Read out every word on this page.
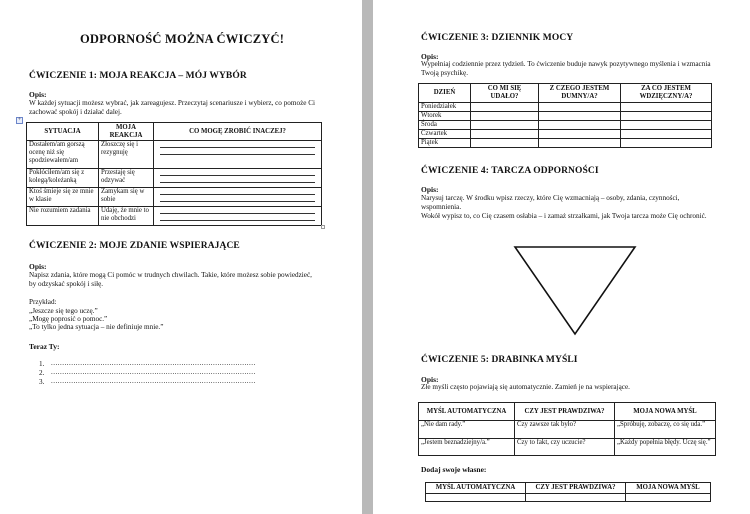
ODPORNOŚĆ MOŻNA ĆWICZYĆ!
ĆWICZENIE 1: MOJA REAKCJA – MÓJ WYBÓR
Opis:
W każdej sytuacji możesz wybrać, jak zareagujesz. Przeczytaj scenariusze i wybierz, co pomoże Ci zachować spokój i działać dalej.
+
SYTUACJA	MOJA REAKCJA	CO MOGĘ ZROBIĆ INACZEJ?
Dostałem/am gorszą ocenę niż się spodziewałem/am	Złoszczę się i rezygnuję	

Pokłóciłem/am się z kolegą/koleżanką	Przestaję się odzywać	

Ktoś śmieje się ze mnie w klasie	Zamykam się w sobie	

Nie rozumiem zadania	Udaję, że mnie to nie obchodzi	
ĆWICZENIE 2: MOJE ZDANIE WSPIERAJĄCE
Opis:
Napisz zdania, które mogą Ci pomóc w trudnych chwilach. Takie, które możesz sobie powiedzieć, by odzyskać spokój i siłę.
Przykład:
„Jeszcze się tego uczę.”
„Mogę poprosić o pomoc.”
„To tylko jedna sytuacja – nie definiuje mnie.”
Teraz Ty:
1. ...........................................................................................
2. ...........................................................................................
3. ...........................................................................................
ĆWICZENIE 3: DZIENNIK MOCY
Opis:
Wypełniaj codziennie przez tydzień. To ćwiczenie buduje nawyk pozytywnego myślenia i wzmacnia Twoją psychikę.
DZIEŃ	CO MI SIĘ UDAŁO?	Z CZEGO JESTEM DUMNY/A?	ZA CO JESTEM WDZIĘCZNY/A?
Poniedziałek			
Wtorek			
Środa			
Czwartek			
Piątek			
ĆWICZENIE 4: TARCZA ODPORNOŚCI
Opis:
Narysuj tarczę. W środku wpisz rzeczy, które Cię wzmacniają – osoby, zdania, czynności, wspomnienia.
Wokół wypisz to, co Cię czasem osłabia – i zamaż strzałkami, jak Twoja tarcza może Cię ochronić.
ĆWICZENIE 5: DRABINKA MYŚLI
Opis:
Złe myśli często pojawiają się automatycznie. Zamień je na wspierające.
MYŚL AUTOMATYCZNA	CZY JEST PRAWDZIWA?	MOJA NOWA MYŚL
„Nie dam rady.”	Czy zawsze tak było?	„Spróbuję, zobaczę, co się uda.”
„Jestem beznadziejny/a.”	Czy to fakt, czy uczucie?	„Każdy popełnia błędy. Uczę się.”
Dodaj swoje własne:
MYŚL AUTOMATYCZNA	CZY JEST PRAWDZIWA?	MOJA NOWA MYŚL
